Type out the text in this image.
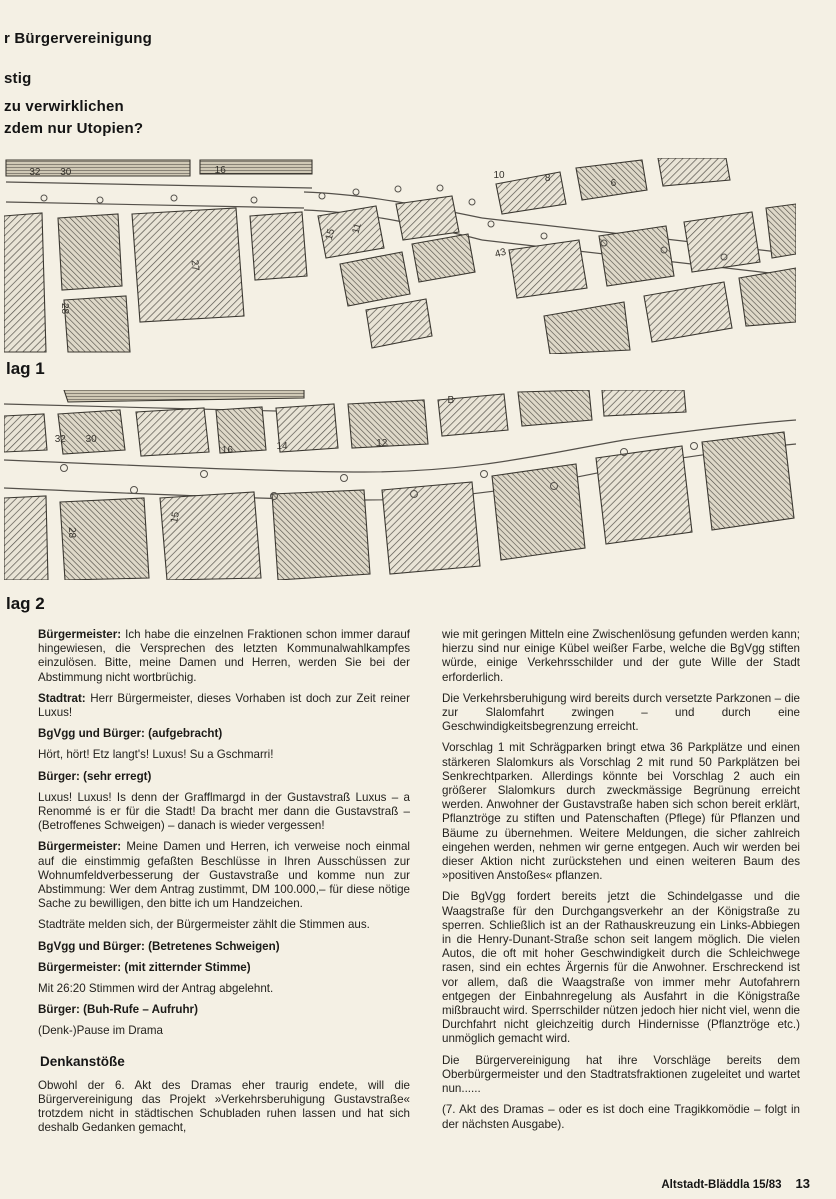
r Bürgervereinigung
stig
zu verwirklichen
zdem nur Utopien?
32 30	16	10	8	6
15 11
43
28
27
lag 1
32 30
16	14	12
B
15
28
lag 2

Bürgermeister: Ich habe die einzelnen Fraktionen schon immer darauf hingewiesen, die Versprechen des letzten Kommunalwahlkampfes einzulösen. Bitte, meine Damen und Herren, werden Sie bei der Abstimmung nicht wortbrüchig.

Stadtrat: Herr Bürgermeister, dieses Vorhaben ist doch zur Zeit reiner Luxus!

BgVgg und Bürger: (aufgebracht)

Hört, hört! Etz langt's! Luxus! Su a Gschmarri!

Bürger: (sehr erregt)

Luxus! Luxus! Is denn der Grafflmargd in der Gustavstraß Luxus – a Renommé is er für die Stadt! Da bracht mer dann die Gustavstraß – (Betroffenes Schweigen) – danach is wieder vergessen!

Bürgermeister: Meine Damen und Herren, ich verweise noch einmal auf die einstimmig gefaßten Beschlüsse in Ihren Ausschüssen zur Wohnumfeldverbesserung der Gustavstraße und komme nun zur Abstimmung: Wer dem Antrag zustimmt, DM 100.000,– für diese nötige Sache zu bewilligen, den bitte ich um Handzeichen.

Stadträte melden sich, der Bürgermeister zählt die Stimmen aus.

BgVgg und Bürger: (Betretenes Schweigen)

Bürgermeister: (mit zitternder Stimme)

Mit 26:20 Stimmen wird der Antrag abgelehnt.

Bürger: (Buh-Rufe – Aufruhr)

(Denk-)Pause im Drama

Denkanstöße

Obwohl der 6. Akt des Dramas eher traurig endete, will die Bürgervereinigung das Projekt »Verkehrsberuhigung Gustavstraße« trotzdem nicht in städtischen Schubladen ruhen lassen und hat sich deshalb Gedanken gemacht,

wie mit geringen Mitteln eine Zwischenlösung gefunden werden kann; hierzu sind nur einige Kübel weißer Farbe, welche die BgVgg stiften würde, einige Verkehrsschilder und der gute Wille der Stadt erforderlich.

Die Verkehrsberuhigung wird bereits durch versetzte Parkzonen – die zur Slalomfahrt zwingen – und durch eine Geschwindigkeitsbegrenzung erreicht.

Vorschlag 1 mit Schrägparken bringt etwa 36 Parkplätze und einen stärkeren Slalomkurs als Vorschlag 2 mit rund 50 Parkplätzen bei Senkrechtparken. Allerdings könnte bei Vorschlag 2 auch ein größerer Slalomkurs durch zweckmässige Begrünung erreicht werden. Anwohner der Gustavstraße haben sich schon bereit erklärt, Pflanztröge zu stiften und Patenschaften (Pflege) für Pflanzen und Bäume zu übernehmen. Weitere Meldungen, die sicher zahlreich eingehen werden, nehmen wir gerne entgegen. Auch wir werden bei dieser Aktion nicht zurückstehen und einen weiteren Baum des »positiven Anstoßes« pflanzen.

Die BgVgg fordert bereits jetzt die Schindelgasse und die Waagstraße für den Durchgangsverkehr an der Königstraße zu sperren. Schließlich ist an der Rathauskreuzung ein Links-Abbiegen in die Henry-Dunant-Straße schon seit langem möglich. Die vielen Autos, die oft mit hoher Geschwindigkeit durch die Schleichwege rasen, sind ein echtes Ärgernis für die Anwohner. Erschreckend ist vor allem, daß die Waagstraße von immer mehr Autofahrern entgegen der Einbahnregelung als Ausfahrt in die Königstraße mißbraucht wird. Sperrschilder nützen jedoch hier nicht viel, wenn die Durchfahrt nicht gleichzeitig durch Hindernisse (Pflanztröge etc.) unmöglich gemacht wird.

Die Bürgervereinigung hat ihre Vorschläge bereits dem Oberbürgermeister und den Stadtratsfraktionen zugeleitet und wartet nun......

(7. Akt des Dramas – oder es ist doch eine Tragikkomödie – folgt in der nächsten Ausgabe).

Altstadt-Bläddla 15/83 13
